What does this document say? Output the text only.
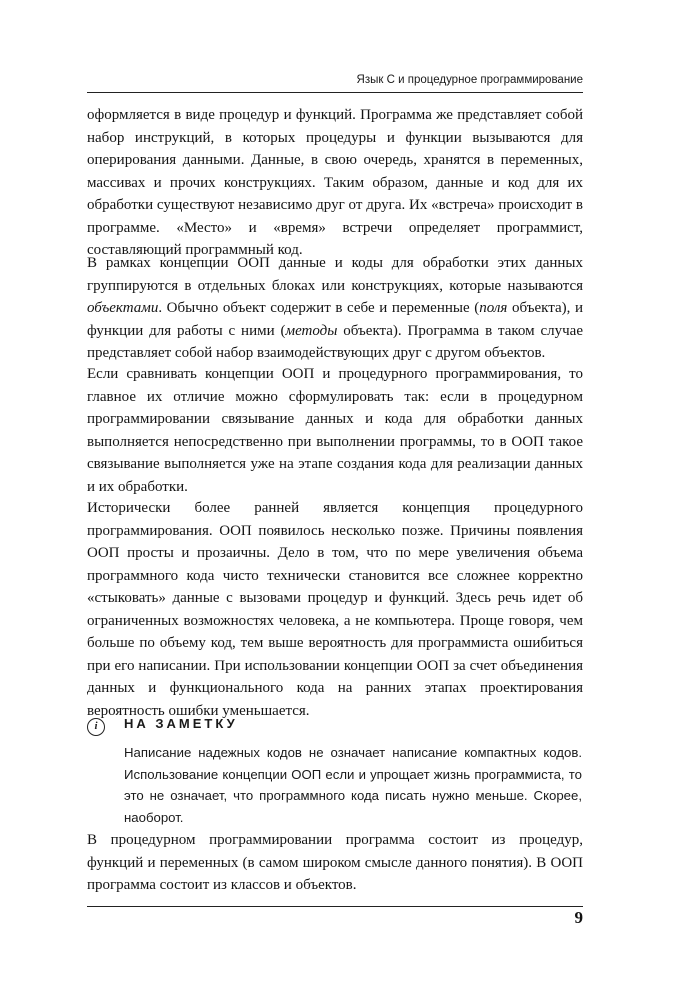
Язык C и процедурное программирование

оформляется в виде процедур и функций. Программа же представляет собой набор инструкций, в которых процедуры и функции вызываются для оперирования данными. Данные, в свою очередь, хранятся в переменных, массивах и прочих конструкциях. Таким образом, данные и код для их обработки существуют независимо друг от друга. Их «встреча» происходит в программе. «Место» и «время» встречи определяет программист, составляющий программный код.

В рамках концепции ООП данные и коды для обработки этих данных группируются в отдельных блоках или конструкциях, которые называются объектами. Обычно объект содержит в себе и переменные (поля объекта), и функции для работы с ними (методы объекта). Программа в таком случае представляет собой набор взаимодействующих друг с другом объектов.

Если сравнивать концепции ООП и процедурного программирования, то главное их отличие можно сформулировать так: если в процедурном программировании связывание данных и кода для обработки данных выполняется непосредственно при выполнении программы, то в ООП такое связывание выполняется уже на этапе создания кода для реализации данных и их обработки.

Исторически более ранней является концепция процедурного программирования. ООП появилось несколько позже. Причины появления ООП просты и прозаичны. Дело в том, что по мере увеличения объема программного кода чисто технически становится все сложнее корректно «стыковать» данные с вызовами процедур и функций. Здесь речь идет об ограниченных возможностях человека, а не компьютера. Проще говоря, чем больше по объему код, тем выше вероятность для программиста ошибиться при его написании. При использовании концепции ООП за счет объединения данных и функционального кода на ранних этапах проектирования вероятность ошибки уменьшается.

i	НА ЗАМЕТКУ

Написание надежных кодов не означает написание компактных кодов. Использование концепции ООП если и упрощает жизнь программиста, то это не означает, что программного кода писать нужно меньше. Скорее, наоборот.

В процедурном программировании программа состоит из процедур, функций и переменных (в самом широком смысле данного понятия). В ООП программа состоит из классов и объектов.

9
